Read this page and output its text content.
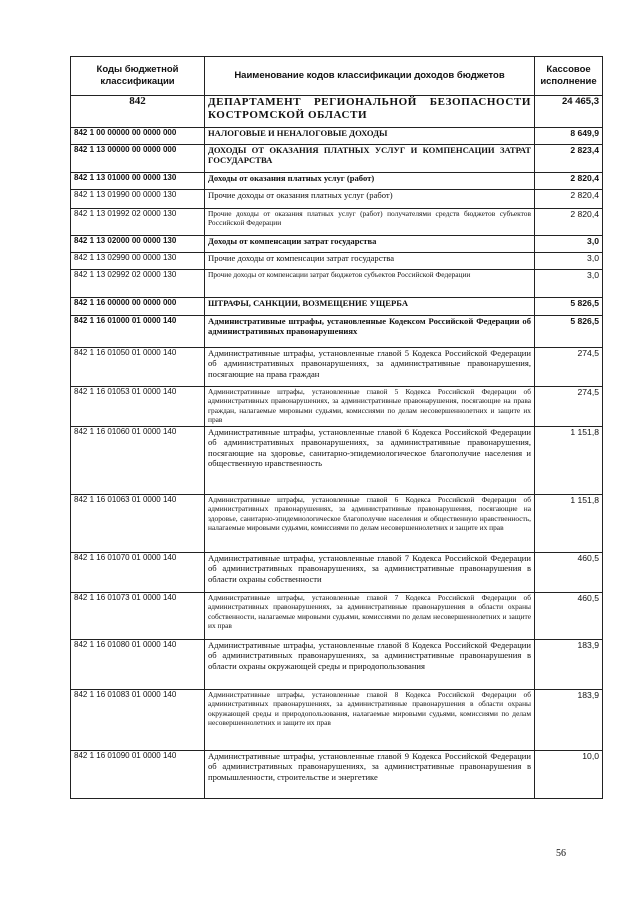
Коды бюджетной классификации	Наименование кодов классификации доходов бюджетов	Кассовое исполнение
842	ДЕПАРТАМЕНТ РЕГИОНАЛЬНОЙ БЕЗОПАСНОСТИ КОСТРОМСКОЙ ОБЛАСТИ	24 465,3
842 1 00 00000 00 0000 000	НАЛОГОВЫЕ И НЕНАЛОГОВЫЕ ДОХОДЫ	8 649,9
842 1 13 00000 00 0000 000	ДОХОДЫ ОТ ОКАЗАНИЯ ПЛАТНЫХ УСЛУГ И КОМПЕНСАЦИИ ЗАТРАТ ГОСУДАРСТВА	2 823,4
842 1 13 01000 00 0000 130	Доходы от оказания платных услуг (работ)	2 820,4
842 1 13 01990 00 0000 130	Прочие доходы от оказания платных услуг (работ)	2 820,4
842 1 13 01992 02 0000 130	Прочие доходы от оказания платных услуг (работ) получателями средств бюджетов субъектов Российской Федерации	2 820,4
842 1 13 02000 00 0000 130	Доходы от компенсации затрат государства	3,0
842 1 13 02990 00 0000 130	Прочие доходы от компенсации затрат государства	3,0
842 1 13 02992 02 0000 130	Прочие доходы от компенсации затрат бюджетов субъектов Российской Федерации	3,0
842 1 16 00000 00 0000 000	ШТРАФЫ, САНКЦИИ, ВОЗМЕЩЕНИЕ УЩЕРБА	5 826,5
842 1 16 01000 01 0000 140	Административные штрафы, установленные Кодексом Российской Федерации об административных правонарушениях	5 826,5
842 1 16 01050 01 0000 140	Административные штрафы, установленные главой 5 Кодекса Российской Федерации об административных правонарушениях, за административные правонарушения, посягающие на права граждан	274,5
842 1 16 01053 01 0000 140	Административные штрафы, установленные главой 5 Кодекса Российской Федерации об административных правонарушениях, за административные правонарушения, посягающие на права граждан, налагаемые мировыми судьями, комиссиями по делам несовершеннолетних и защите их прав	274,5
842 1 16 01060 01 0000 140	Административные штрафы, установленные главой 6 Кодекса Российской Федерации об административных правонарушениях, за административные правонарушения, посягающие на здоровье, санитарно-эпидемиологическое благополучие населения и общественную нравственность	1 151,8
842 1 16 01063 01 0000 140	Административные штрафы, установленные главой 6 Кодекса Российской Федерации об административных правонарушениях, за административные правонарушения, посягающие на здоровье, санитарно-эпидемиологическое благополучие населения и общественную нравственность, налагаемые мировыми судьями, комиссиями по делам несовершеннолетних и защите их прав	1 151,8
842 1 16 01070 01 0000 140	Административные штрафы, установленные главой 7 Кодекса Российской Федерации об административных правонарушениях, за административные правонарушения в области охраны собственности	460,5
842 1 16 01073 01 0000 140	Административные штрафы, установленные главой 7 Кодекса Российской Федерации об административных правонарушениях, за административные правонарушения в области охраны собственности, налагаемые мировыми судьями, комиссиями по делам несовершеннолетних и защите их прав	460,5
842 1 16 01080 01 0000 140	Административные штрафы, установленные главой 8 Кодекса Российской Федерации об административных правонарушениях, за административные правонарушения в области охраны окружающей среды и природопользования	183,9
842 1 16 01083 01 0000 140	Административные штрафы, установленные главой 8 Кодекса Российской Федерации об административных правонарушениях, за административные правонарушения в области охраны окружающей среды и природопользования, налагаемые мировыми судьями, комиссиями по делам несовершеннолетних и защите их прав	183,9
842 1 16 01090 01 0000 140	Административные штрафы, установленные главой 9 Кодекса Российской Федерации об административных правонарушениях, за административные правонарушения в промышленности, строительстве и энергетике	10,0
56
